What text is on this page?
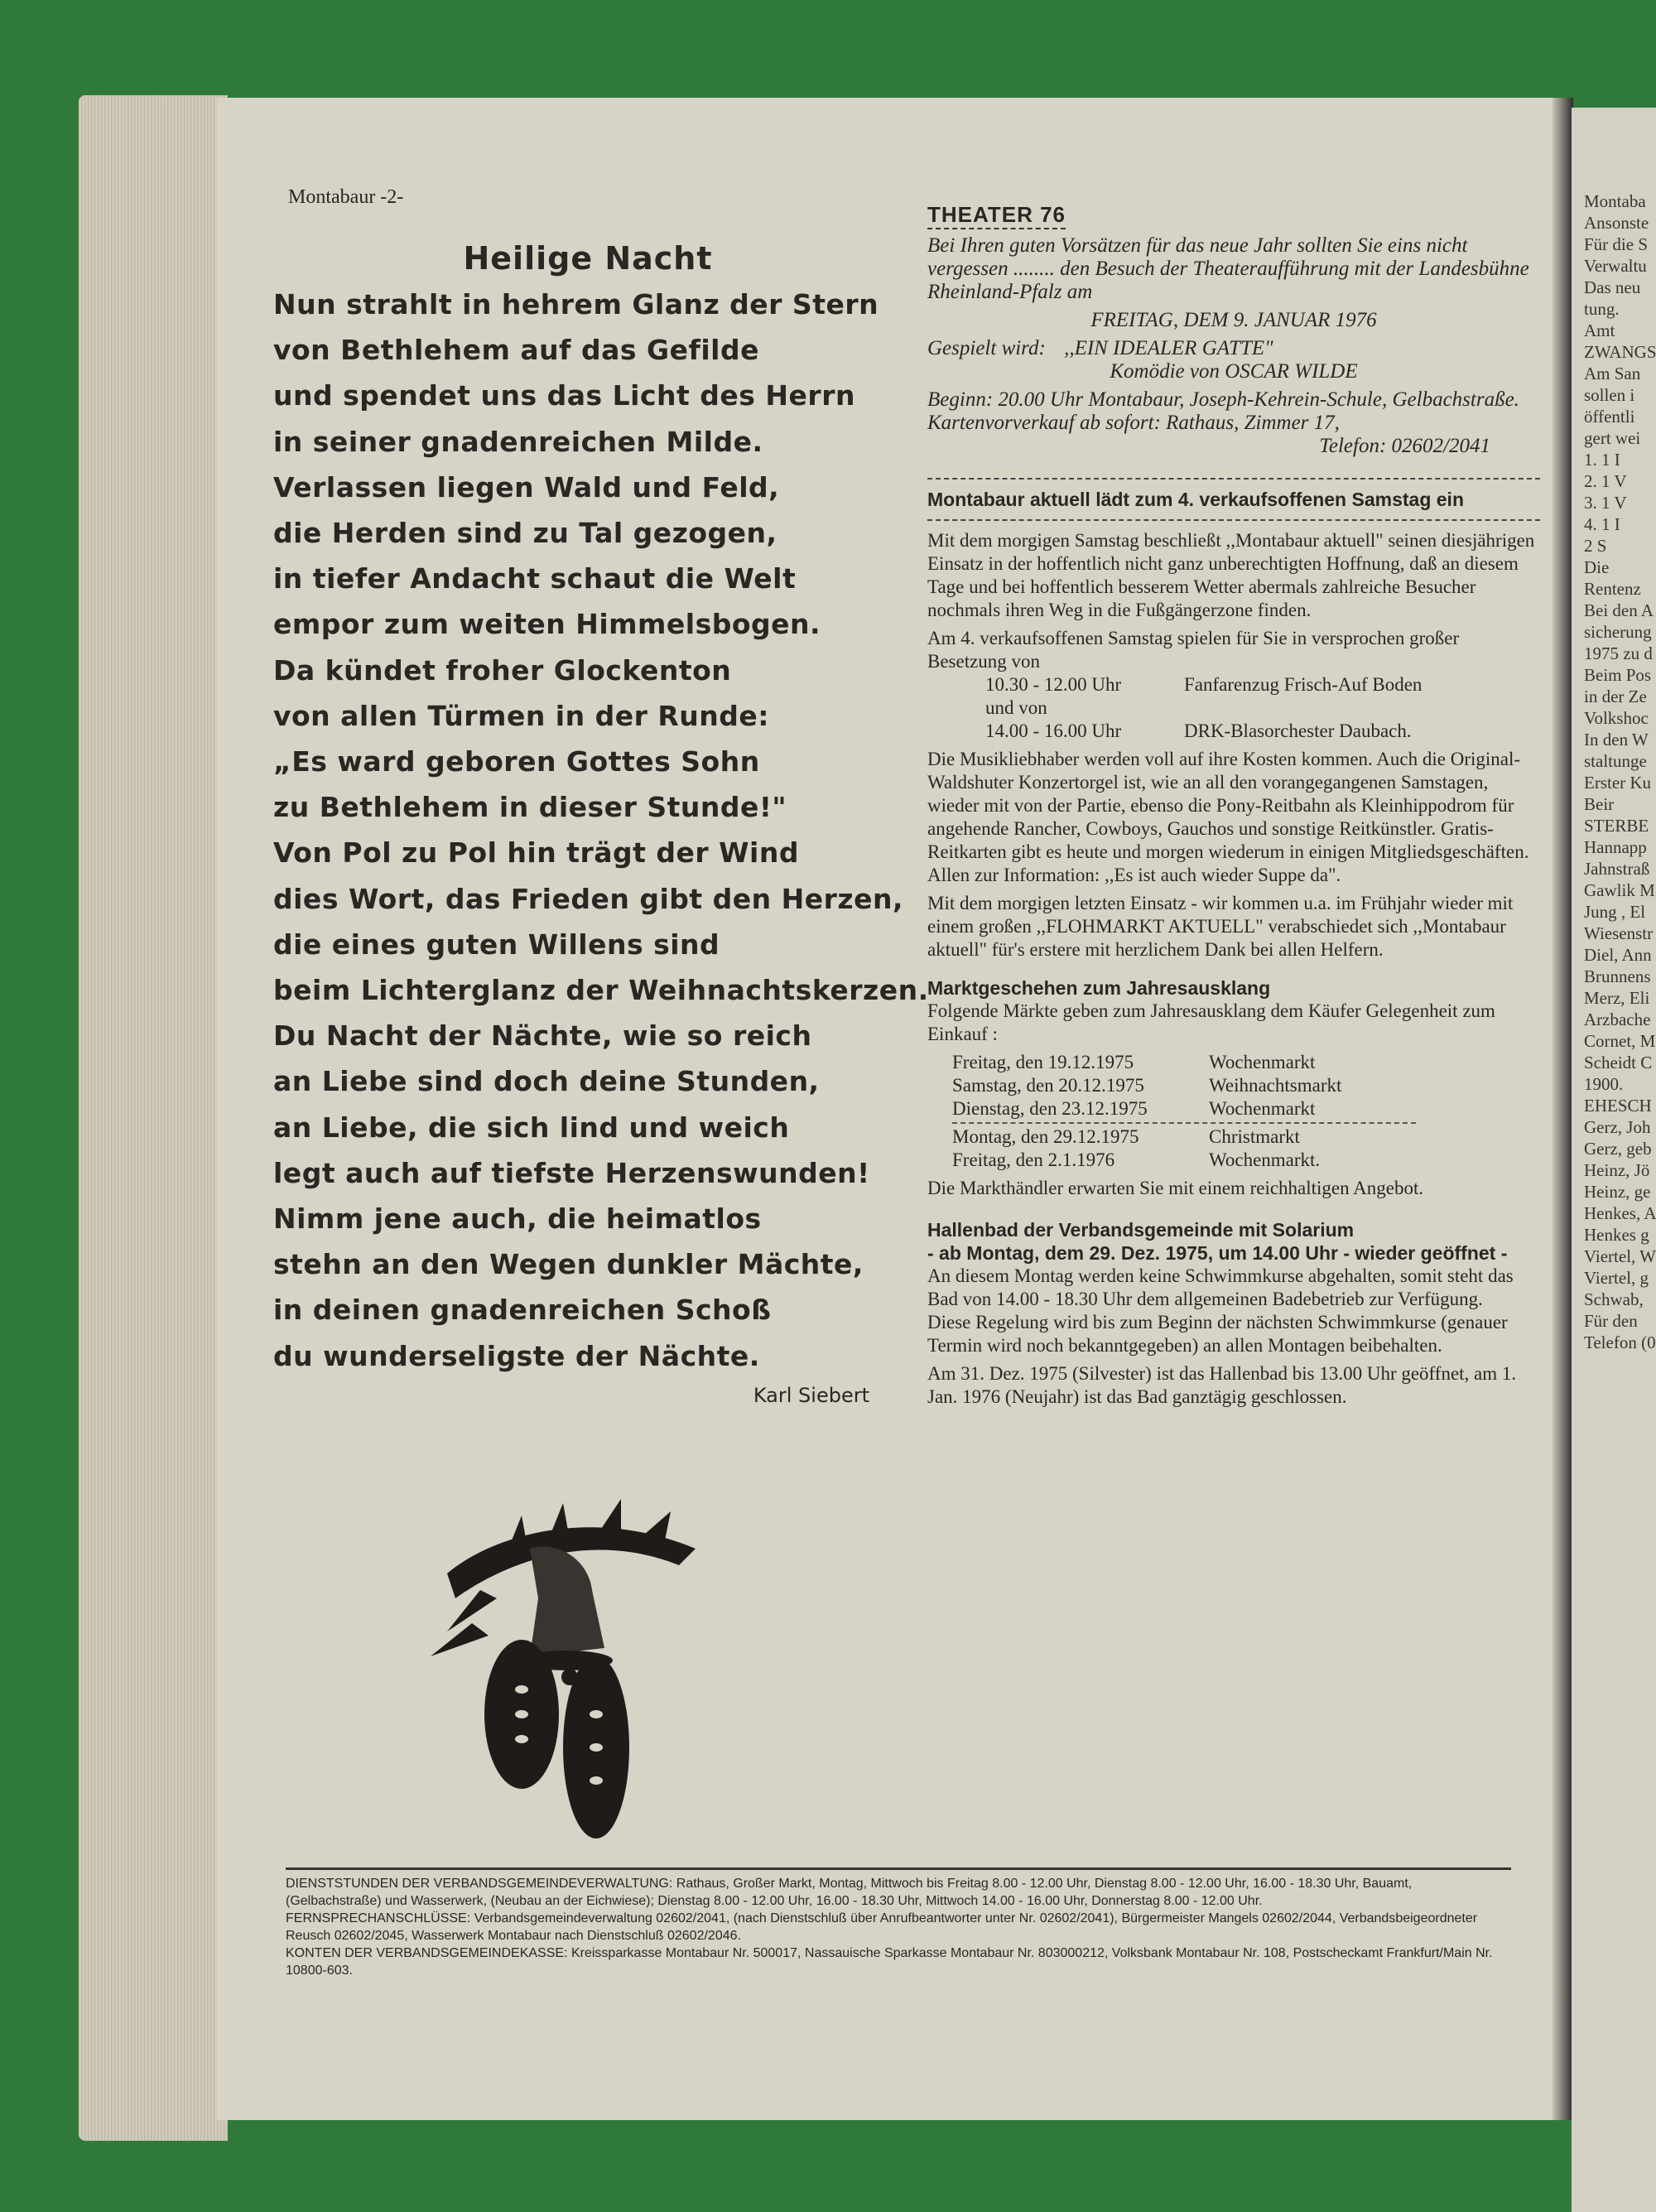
Montaba
Ansonste
Für die S
Verwaltu
Das neu
tung.
Amt
ZWANGS
Am San
sollen i
öffentli
gert wei
1. 1 I
2. 1 V
3. 1 V
4. 1 I
2 S
Die
Rentenz
Bei den A
sicherung
1975 zu d
Beim Pos
in der Ze
Volkshoc
In den W
staltunge
Erster Ku
Beir
STERBE
Hannapp
Jahnstraß
Gawlik M
Jung , El
Wiesenstr
Diel, Ann
Brunnens
Merz, Eli
Arzbache
Cornet, M
Scheidt C
1900.
EHESCH
Gerz, Joh
Gerz, geb
Heinz, Jö
Heinz, ge
Henkes, A
Henkes g
Viertel, W
Viertel, g
Schwab,
Für den
Telefon (0
Montabaur -2-
Heilige Nacht
Nun strahlt in hehrem Glanz der Stern
von Bethlehem auf das Gefilde
und spendet uns das Licht des Herrn
in seiner gnadenreichen Milde.
Verlassen liegen Wald und Feld,
die Herden sind zu Tal gezogen,
in tiefer Andacht schaut die Welt
empor zum weiten Himmelsbogen.
Da kündet froher Glockenton
von allen Türmen in der Runde:
„Es ward geboren Gottes Sohn
zu Bethlehem in dieser Stunde!"
Von Pol zu Pol hin trägt der Wind
dies Wort, das Frieden gibt den Herzen,
die eines guten Willens sind
beim Lichterglanz der Weihnachtskerzen.
Du Nacht der Nächte, wie so reich
an Liebe sind doch deine Stunden,
an Liebe, die sich lind und weich
legt auch auf tiefste Herzenswunden!
Nimm jene auch, die heimatlos
stehn an den Wegen dunkler Mächte,
in deinen gnadenreichen Schoß
du wunderseligste der Nächte.
Karl Siebert
THEATER 76
Bei Ihren guten Vorsätzen für das neue Jahr sollten Sie eins nicht vergessen ........ den Besuch der Theateraufführung mit der Landesbühne Rheinland-Pfalz am
FREITAG, DEM 9. JANUAR 1976
Gespielt wird: ,,EIN IDEALER GATTE"
Komödie von OSCAR WILDE
Beginn: 20.00 Uhr Montabaur, Joseph-Kehrein-Schule, Gelbachstraße.
Kartenvorverkauf ab sofort: Rathaus, Zimmer 17,
Telefon: 02602/2041
Montabaur aktuell lädt zum 4. verkaufsoffenen Samstag ein
Mit dem morgigen Samstag beschließt ,,Montabaur aktuell" seinen diesjährigen Einsatz in der hoffentlich nicht ganz unberechtigten Hoffnung, daß an diesem Tage und bei hoffentlich besserem Wetter abermals zahlreiche Besucher nochmals ihren Weg in die Fußgängerzone finden.
Am 4. verkaufsoffenen Samstag spielen für Sie in versprochen großer Besetzung von
10.30 - 12.00 Uhr	Fanfarenzug Frisch-Auf Boden
und von
14.00 - 16.00 Uhr	DRK-Blasorchester Daubach.
Die Musikliebhaber werden voll auf ihre Kosten kommen. Auch die Original-Waldshuter Konzertorgel ist, wie an all den vorangegangenen Samstagen, wieder mit von der Partie, ebenso die Pony-Reitbahn als Kleinhippodrom für angehende Rancher, Cowboys, Gauchos und sonstige Reitkünstler. Gratis-Reitkarten gibt es heute und morgen wiederum in einigen Mitgliedsgeschäften.
Allen zur Information: ,,Es ist auch wieder Suppe da".
Mit dem morgigen letzten Einsatz - wir kommen u.a. im Frühjahr wieder mit einem großen ,,FLOHMARKT AKTUELL" verabschiedet sich ,,Montabaur aktuell" für's erstere mit herzlichem Dank bei allen Helfern.
Marktgeschehen zum Jahresausklang
Folgende Märkte geben zum Jahresausklang dem Käufer Gelegenheit zum Einkauf :
Freitag, den 19.12.1975	Wochenmarkt
Samstag, den 20.12.1975	Weihnachtsmarkt
Dienstag, den 23.12.1975	Wochenmarkt
Montag, den 29.12.1975	Christmarkt
Freitag, den 2.1.1976	Wochenmarkt.
Die Markthändler erwarten Sie mit einem reichhaltigen Angebot.
Hallenbad der Verbandsgemeinde mit Solarium
- ab Montag, dem 29. Dez. 1975, um 14.00 Uhr - wieder geöffnet -
An diesem Montag werden keine Schwimmkurse abgehalten, somit steht das Bad von 14.00 - 18.30 Uhr dem allgemeinen Badebetrieb zur Verfügung.
Diese Regelung wird bis zum Beginn der nächsten Schwimmkurse (genauer Termin wird noch bekanntgegeben) an allen Montagen beibehalten.
Am 31. Dez. 1975 (Silvester) ist das Hallenbad bis 13.00 Uhr geöffnet, am 1. Jan. 1976 (Neujahr) ist das Bad ganztägig geschlossen.
DIENSTSTUNDEN DER VERBANDSGEMEINDEVERWALTUNG: Rathaus, Großer Markt, Montag, Mittwoch bis Freitag 8.00 - 12.00 Uhr, Dienstag 8.00 - 12.00 Uhr, 16.00 - 18.30 Uhr, Bauamt, (Gelbachstraße) und Wasserwerk, (Neubau an der Eichwiese); Dienstag 8.00 - 12.00 Uhr, 16.00 - 18.30 Uhr, Mittwoch 14.00 - 16.00 Uhr, Donnerstag 8.00 - 12.00 Uhr.
FERNSPRECHANSCHLÜSSE: Verbandsgemeindeverwaltung 02602/2041, (nach Dienstschluß über Anrufbeantworter unter Nr. 02602/2041), Bürgermeister Mangels 02602/2044, Verbandsbeigeordneter Reusch 02602/2045, Wasserwerk Montabaur nach Dienstschluß 02602/2046.
KONTEN DER VERBANDSGEMEINDEKASSE: Kreissparkasse Montabaur Nr. 500017, Nassauische Sparkasse Montabaur Nr. 803000212, Volksbank Montabaur Nr. 108, Postscheckamt Frankfurt/Main Nr. 10800-603.
